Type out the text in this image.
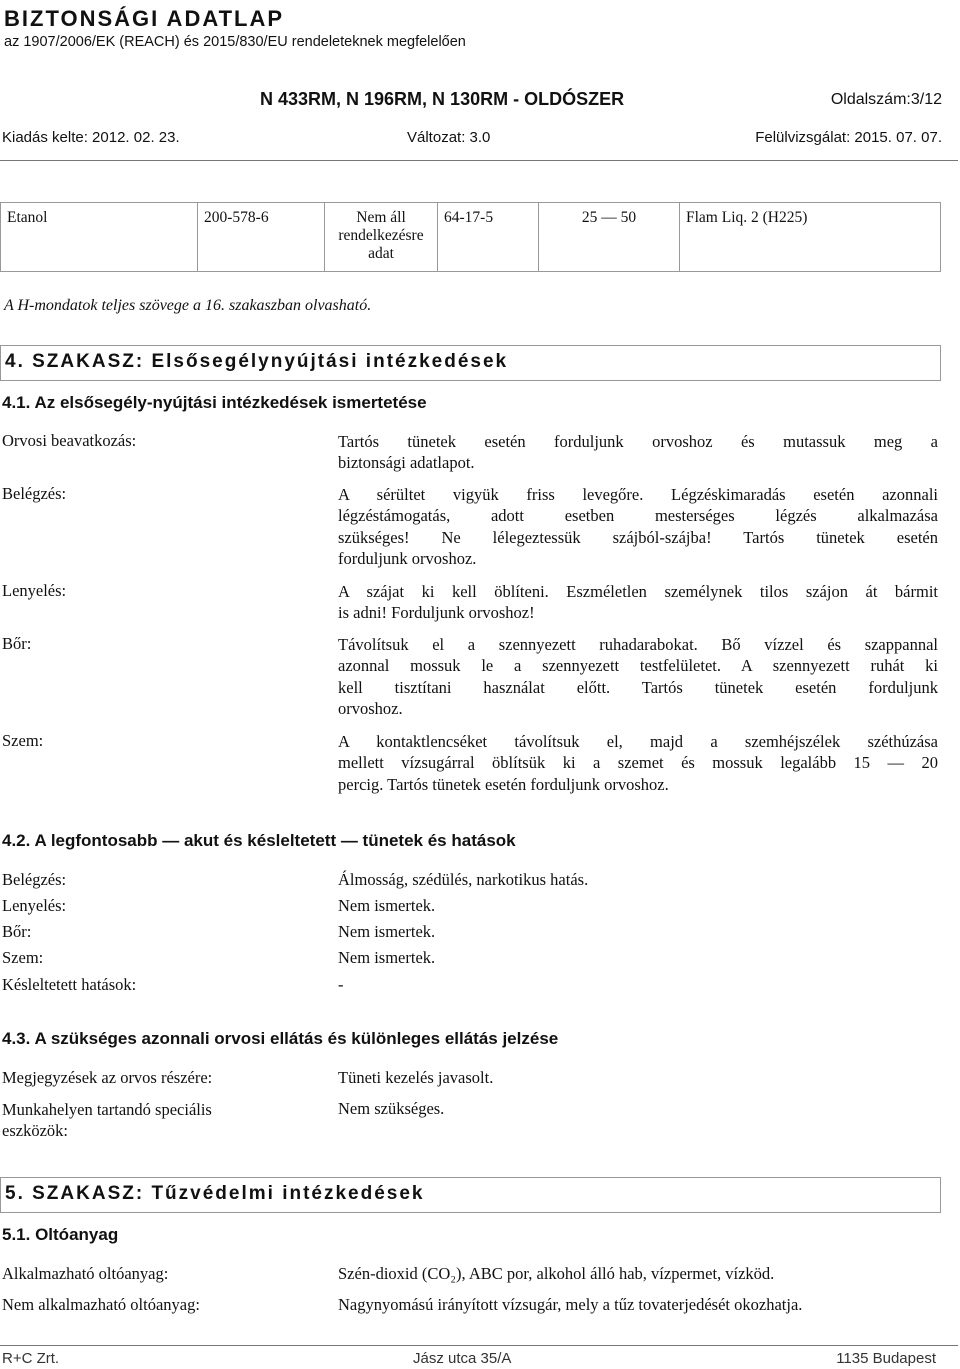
BIZTONSÁGI ADATLAP
az 1907/2006/EK (REACH) és 2015/830/EU rendeleteknek megfelelően
N 433RM, N 196RM, N 130RM - OLDÓSZER	Oldalszám:3/12
Kiadás kelte: 2012. 02. 23.	Változat: 3.0	Felülvizsgálat: 2015. 07. 07.
Etanol	200-578-6	Nem áll rendelkezésre adat	64-17-5	25 — 50	Flam Liq. 2 (H225)
A H-mondatok teljes szövege a 16. szakaszban olvasható.
4. SZAKASZ: Elsősegélynyújtási intézkedések
4.1. Az elsősegély-nyújtási intézkedések ismertetése
Orvosi beavatkozás:	Tartós tünetek esetén forduljunk orvoshoz és mutassuk meg a
biztonsági adatlapot.
Belégzés:	A sérültet vigyük friss levegőre. Légzéskimaradás esetén azonnali
légzéstámogatás, adott esetben mesterséges légzés alkalmazása
szükséges! Ne lélegeztessük szájból-szájba! Tartós tünetek esetén
forduljunk orvoshoz.
Lenyelés:	A szájat ki kell öblíteni. Eszméletlen személynek tilos szájon át bármit
is adni! Forduljunk orvoshoz!
Bőr:	Távolítsuk el a szennyezett ruhadarabokat. Bő vízzel és szappannal
azonnal mossuk le a szennyezett testfelületet. A szennyezett ruhát ki
kell tisztítani használat előtt. Tartós tünetek esetén forduljunk
orvoshoz.
Szem:	A kontaktlencséket távolítsuk el, majd a szemhéjszélek széthúzása
mellett vízsugárral öblítsük ki a szemet és mossuk legalább 15 — 20
percig. Tartós tünetek esetén forduljunk orvoshoz.
4.2. A legfontosabb — akut és késleltetett — tünetek és hatások
Belégzés:	Álmosság, szédülés, narkotikus hatás.
Lenyelés:	Nem ismertek.
Bőr:	Nem ismertek.
Szem:	Nem ismertek.
Késleltetett hatások:	-
4.3. A szükséges azonnali orvosi ellátás és különleges ellátás jelzése
Megjegyzések az orvos részére:	Tüneti kezelés javasolt.
Munkahelyen tartandó speciális
eszközök:
Nem szükséges.
5. SZAKASZ: Tűzvédelmi intézkedések
5.1. Oltóanyag
Alkalmazható oltóanyag:	Szén-dioxid (CO₂), ABC por, alkohol álló hab, vízpermet, vízköd.
Nem alkalmazható oltóanyag:	Nagynyomású irányított vízsugár, mely a tűz tovaterjedését okozhatja.
R+C Zrt.	Jász utca 35/A	1135 Budapest
